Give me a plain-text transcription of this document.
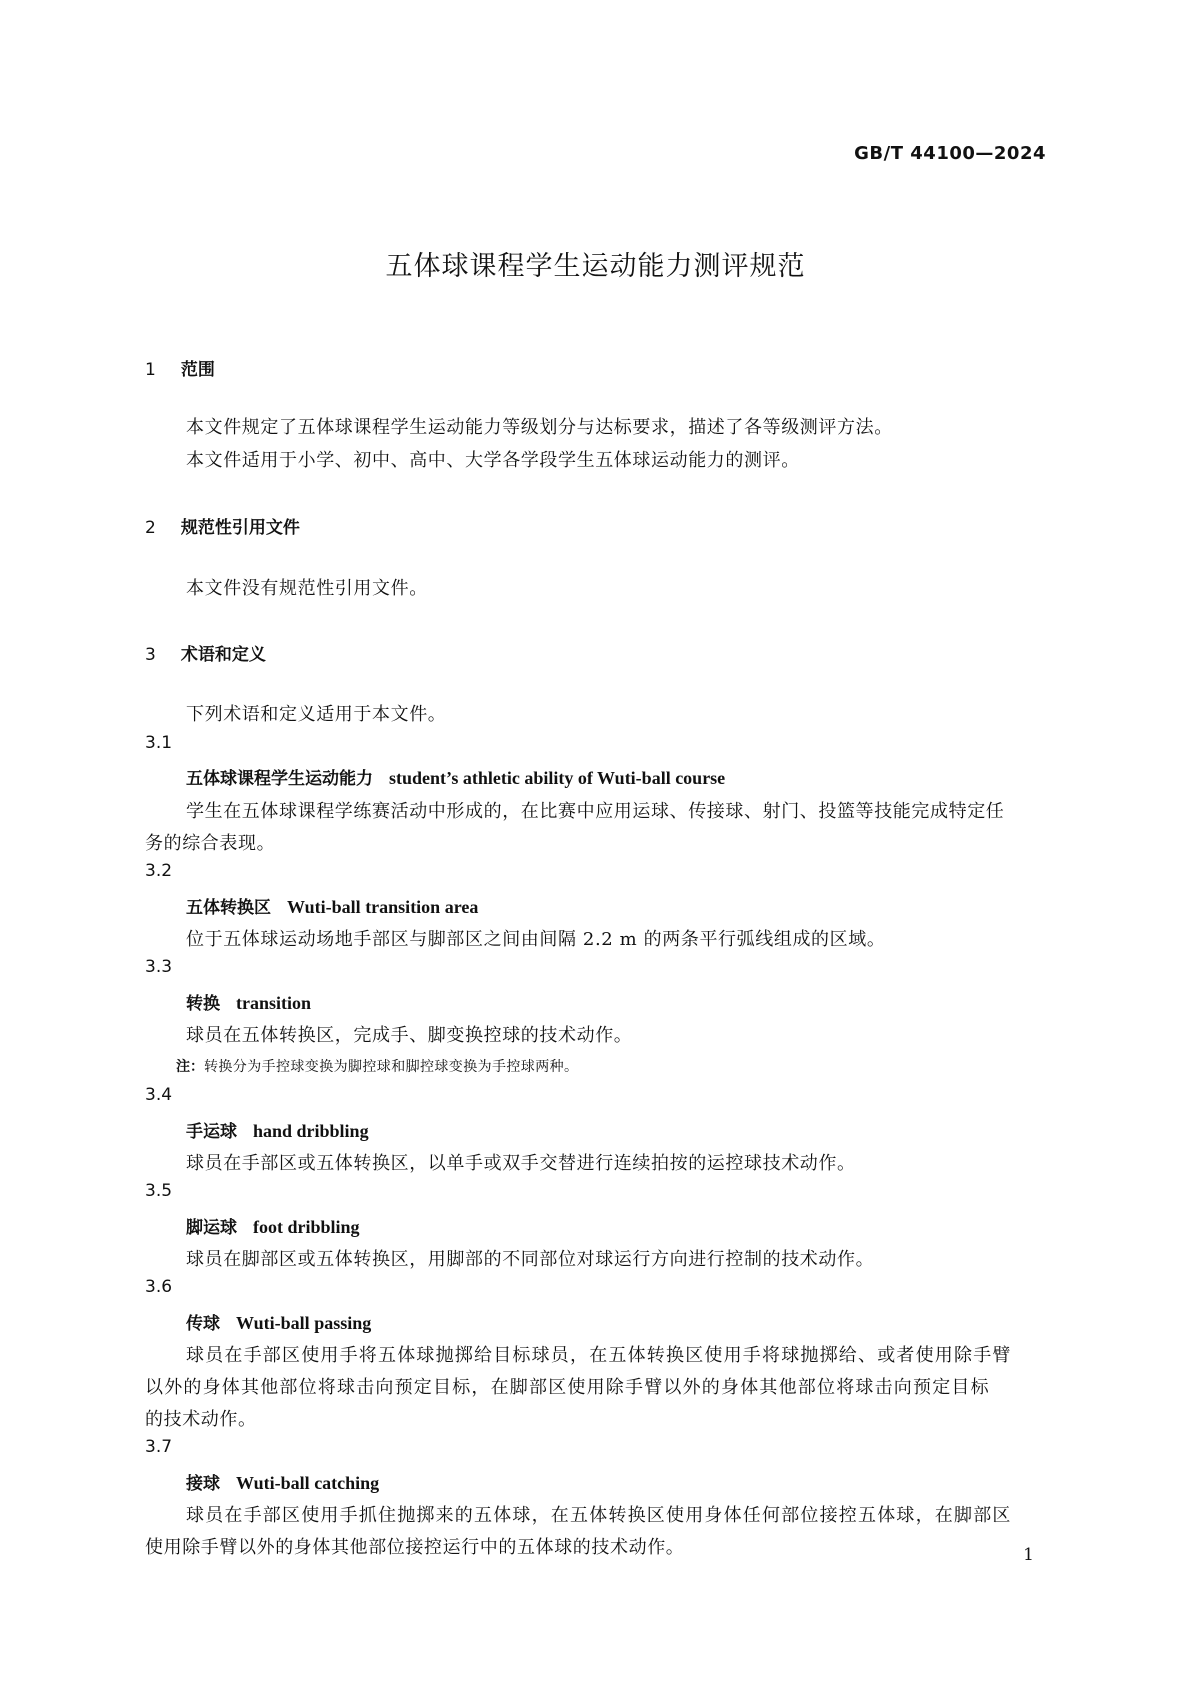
GB/T 44100—2024
五体球课程学生运动能力测评规范
1 范围
本文件规定了五体球课程学生运动能力等级划分与达标要求，描述了各等级测评方法。
本文件适用于小学、初中、高中、大学各学段学生五体球运动能力的测评。
2 规范性引用文件
本文件没有规范性引用文件。
3 术语和定义
下列术语和定义适用于本文件。
3.1
五体球课程学生运动能力 student’s athletic ability of Wuti-ball course
学生在五体球课程学练赛活动中形成的，在比赛中应用运球、传接球、射门、投篮等技能完成特定任
务的综合表现。
3.2
五体转换区 Wuti-ball transition area
位于五体球运动场地手部区与脚部区之间由间隔 2.2 m 的两条平行弧线组成的区域。
3.3
转换 transition
球员在五体转换区，完成手、脚变换控球的技术动作。
注：转换分为手控球变换为脚控球和脚控球变换为手控球两种。
3.4
手运球 hand dribbling
球员在手部区或五体转换区，以单手或双手交替进行连续拍按的运控球技术动作。
3.5
脚运球 foot dribbling
球员在脚部区或五体转换区，用脚部的不同部位对球运行方向进行控制的技术动作。
3.6
传球 Wuti-ball passing
球员在手部区使用手将五体球抛掷给目标球员，在五体转换区使用手将球抛掷给、或者使用除手臂
以外的身体其他部位将球击向预定目标，在脚部区使用除手臂以外的身体其他部位将球击向预定目标
的技术动作。
3.7
接球 Wuti-ball catching
球员在手部区使用手抓住抛掷来的五体球，在五体转换区使用身体任何部位接控五体球，在脚部区
使用除手臂以外的身体其他部位接控运行中的五体球的技术动作。	1
